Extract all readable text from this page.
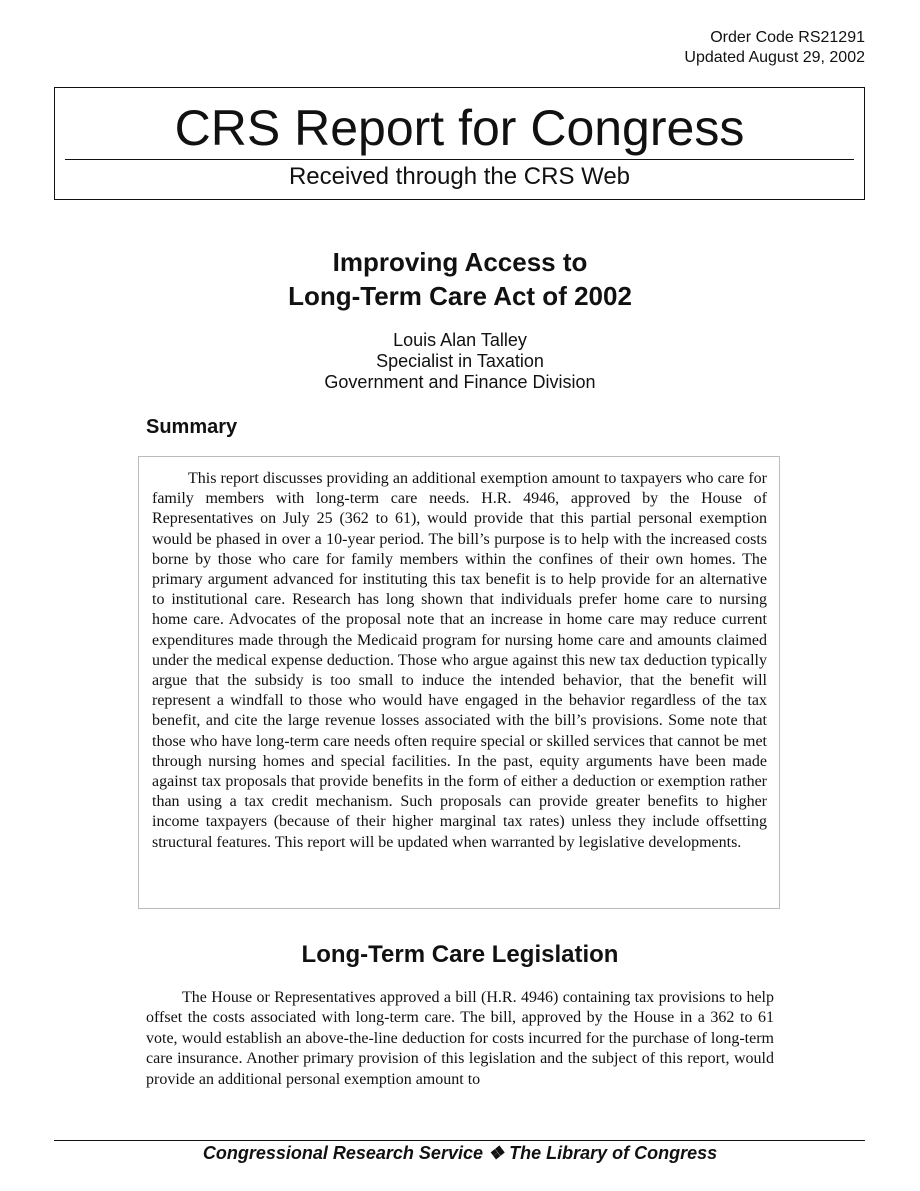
Order Code RS21291
Updated August 29, 2002
CRS Report for Congress
Received through the CRS Web
Improving Access to
Long-Term Care Act of 2002
Louis Alan Talley
Specialist in Taxation
Government and Finance Division
Summary

This report discusses providing an additional exemption amount to taxpayers who care for family members with long-term care needs. H.R. 4946, approved by the House of Representatives on July 25 (362 to 61), would provide that this partial personal exemption would be phased in over a 10-year period. The bill’s purpose is to help with the increased costs borne by those who care for family members within the confines of their own homes. The primary argument advanced for instituting this tax benefit is to help provide for an alternative to institutional care. Research has long shown that individuals prefer home care to nursing home care. Advocates of the proposal note that an increase in home care may reduce current expenditures made through the Medicaid program for nursing home care and amounts claimed under the medical expense deduction. Those who argue against this new tax deduction typically argue that the subsidy is too small to induce the intended behavior, that the benefit will represent a windfall to those who would have engaged in the behavior regardless of the tax benefit, and cite the large revenue losses associated with the bill’s provisions. Some note that those who have long-term care needs often require special or skilled services that cannot be met through nursing homes and special facilities. In the past, equity arguments have been made against tax proposals that provide benefits in the form of either a deduction or exemption rather than using a tax credit mechanism. Such proposals can provide greater benefits to higher income taxpayers (because of their higher marginal tax rates) unless they include offsetting structural features. This report will be updated when warranted by legislative developments.

Long-Term Care Legislation

The House or Representatives approved a bill (H.R. 4946) containing tax provisions to help offset the costs associated with long-term care. The bill, approved by the House in a 362 to 61 vote, would establish an above-the-line deduction for costs incurred for the purchase of long-term care insurance. Another primary provision of this legislation and the subject of this report, would provide an additional personal exemption amount to

Congressional Research Service ❖ The Library of Congress
